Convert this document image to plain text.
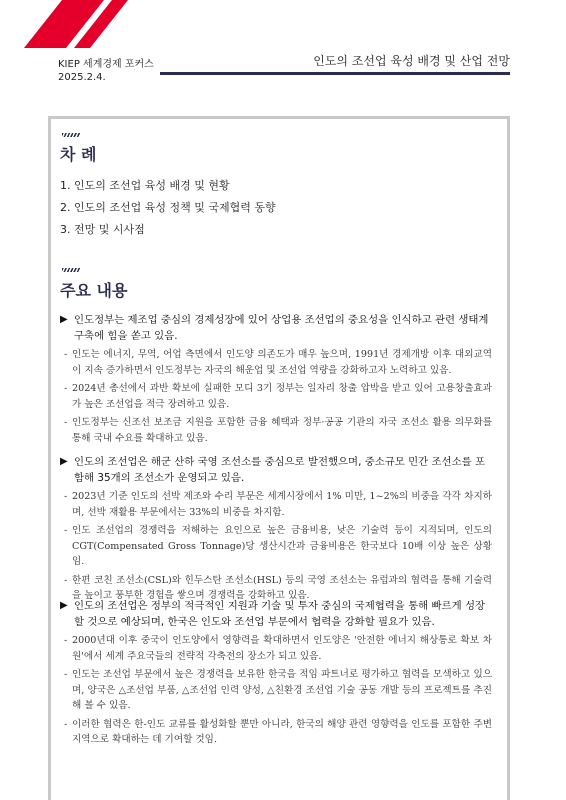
KIEP 세계경제 포커스
2025.2.4.
인도의 조선업 육성 배경 및 산업 전망
차 례
1. 인도의 조선업 육성 배경 및 현황
2. 인도의 조선업 육성 정책 및 국제협력 동향
3. 전망 및 시사점
주요 내용
▶ 인도정부는 제조업 중심의 경제성장에 있어 상업용 조선업의 중요성을 인식하고 관련 생태계 구축에 힘을 쏟고 있음.
- 인도는 에너지, 무역, 어업 측면에서 인도양 의존도가 매우 높으며, 1991년 경제개방 이후 대외교역이 지속 증가하면서 인도정부는 자국의 해운업 및 조선업 역량을 강화하고자 노력하고 있음.
- 2024년 총선에서 과반 확보에 실패한 모디 3기 정부는 일자리 창출 압박을 받고 있어 고용창출효과가 높은 조선업을 적극 장려하고 있음.
- 인도정부는 신조선 보조금 지원을 포함한 금융 혜택과 정부·공공 기관의 자국 조선소 활용 의무화를 통해 국내 수요를 확대하고 있음.
▶ 인도의 조선업은 해군 산하 국영 조선소를 중심으로 발전했으며, 중소규모 민간 조선소를 포함해 35개의 조선소가 운영되고 있음.
- 2023년 기준 인도의 선박 제조와 수리 부문은 세계시장에서 1% 미만, 1~2%의 비중을 각각 차지하며, 선박 재활용 부문에서는 33%의 비중을 차지함.
- 인도 조선업의 경쟁력을 저해하는 요인으로 높은 금융비용, 낮은 기술력 등이 지적되며, 인도의 CGT(Compensated Gross Tonnage)당 생산시간과 금융비용은 한국보다 10배 이상 높은 상황임.
- 한편 코친 조선소(CSL)와 힌두스탄 조선소(HSL) 등의 국영 조선소는 유럽과의 협력을 통해 기술력을 높이고 풍부한 경험을 쌓으며 경쟁력을 강화하고 있음.
▶ 인도의 조선업은 정부의 적극적인 지원과 기술 및 투자 중심의 국제협력을 통해 빠르게 성장할 것으로 예상되며, 한국은 인도와 조선업 부문에서 협력을 강화할 필요가 있음.
- 2000년대 이후 중국이 인도양에서 영향력을 확대하면서 인도양은 '안전한 에너지 해상통로 확보 차원'에서 세계 주요국들의 전략적 각축전의 장소가 되고 있음.
- 인도는 조선업 부문에서 높은 경쟁력을 보유한 한국을 적임 파트너로 평가하고 협력을 모색하고 있으며, 양국은 △조선업 부품, △조선업 인력 양성, △친환경 조선업 기술 공동 개발 등의 프로젝트를 추진해 볼 수 있음.
- 이러한 협력은 한-인도 교류를 활성화할 뿐만 아니라, 한국의 해양 관련 영향력을 인도를 포함한 주변 지역으로 확대하는 데 기여할 것임.
